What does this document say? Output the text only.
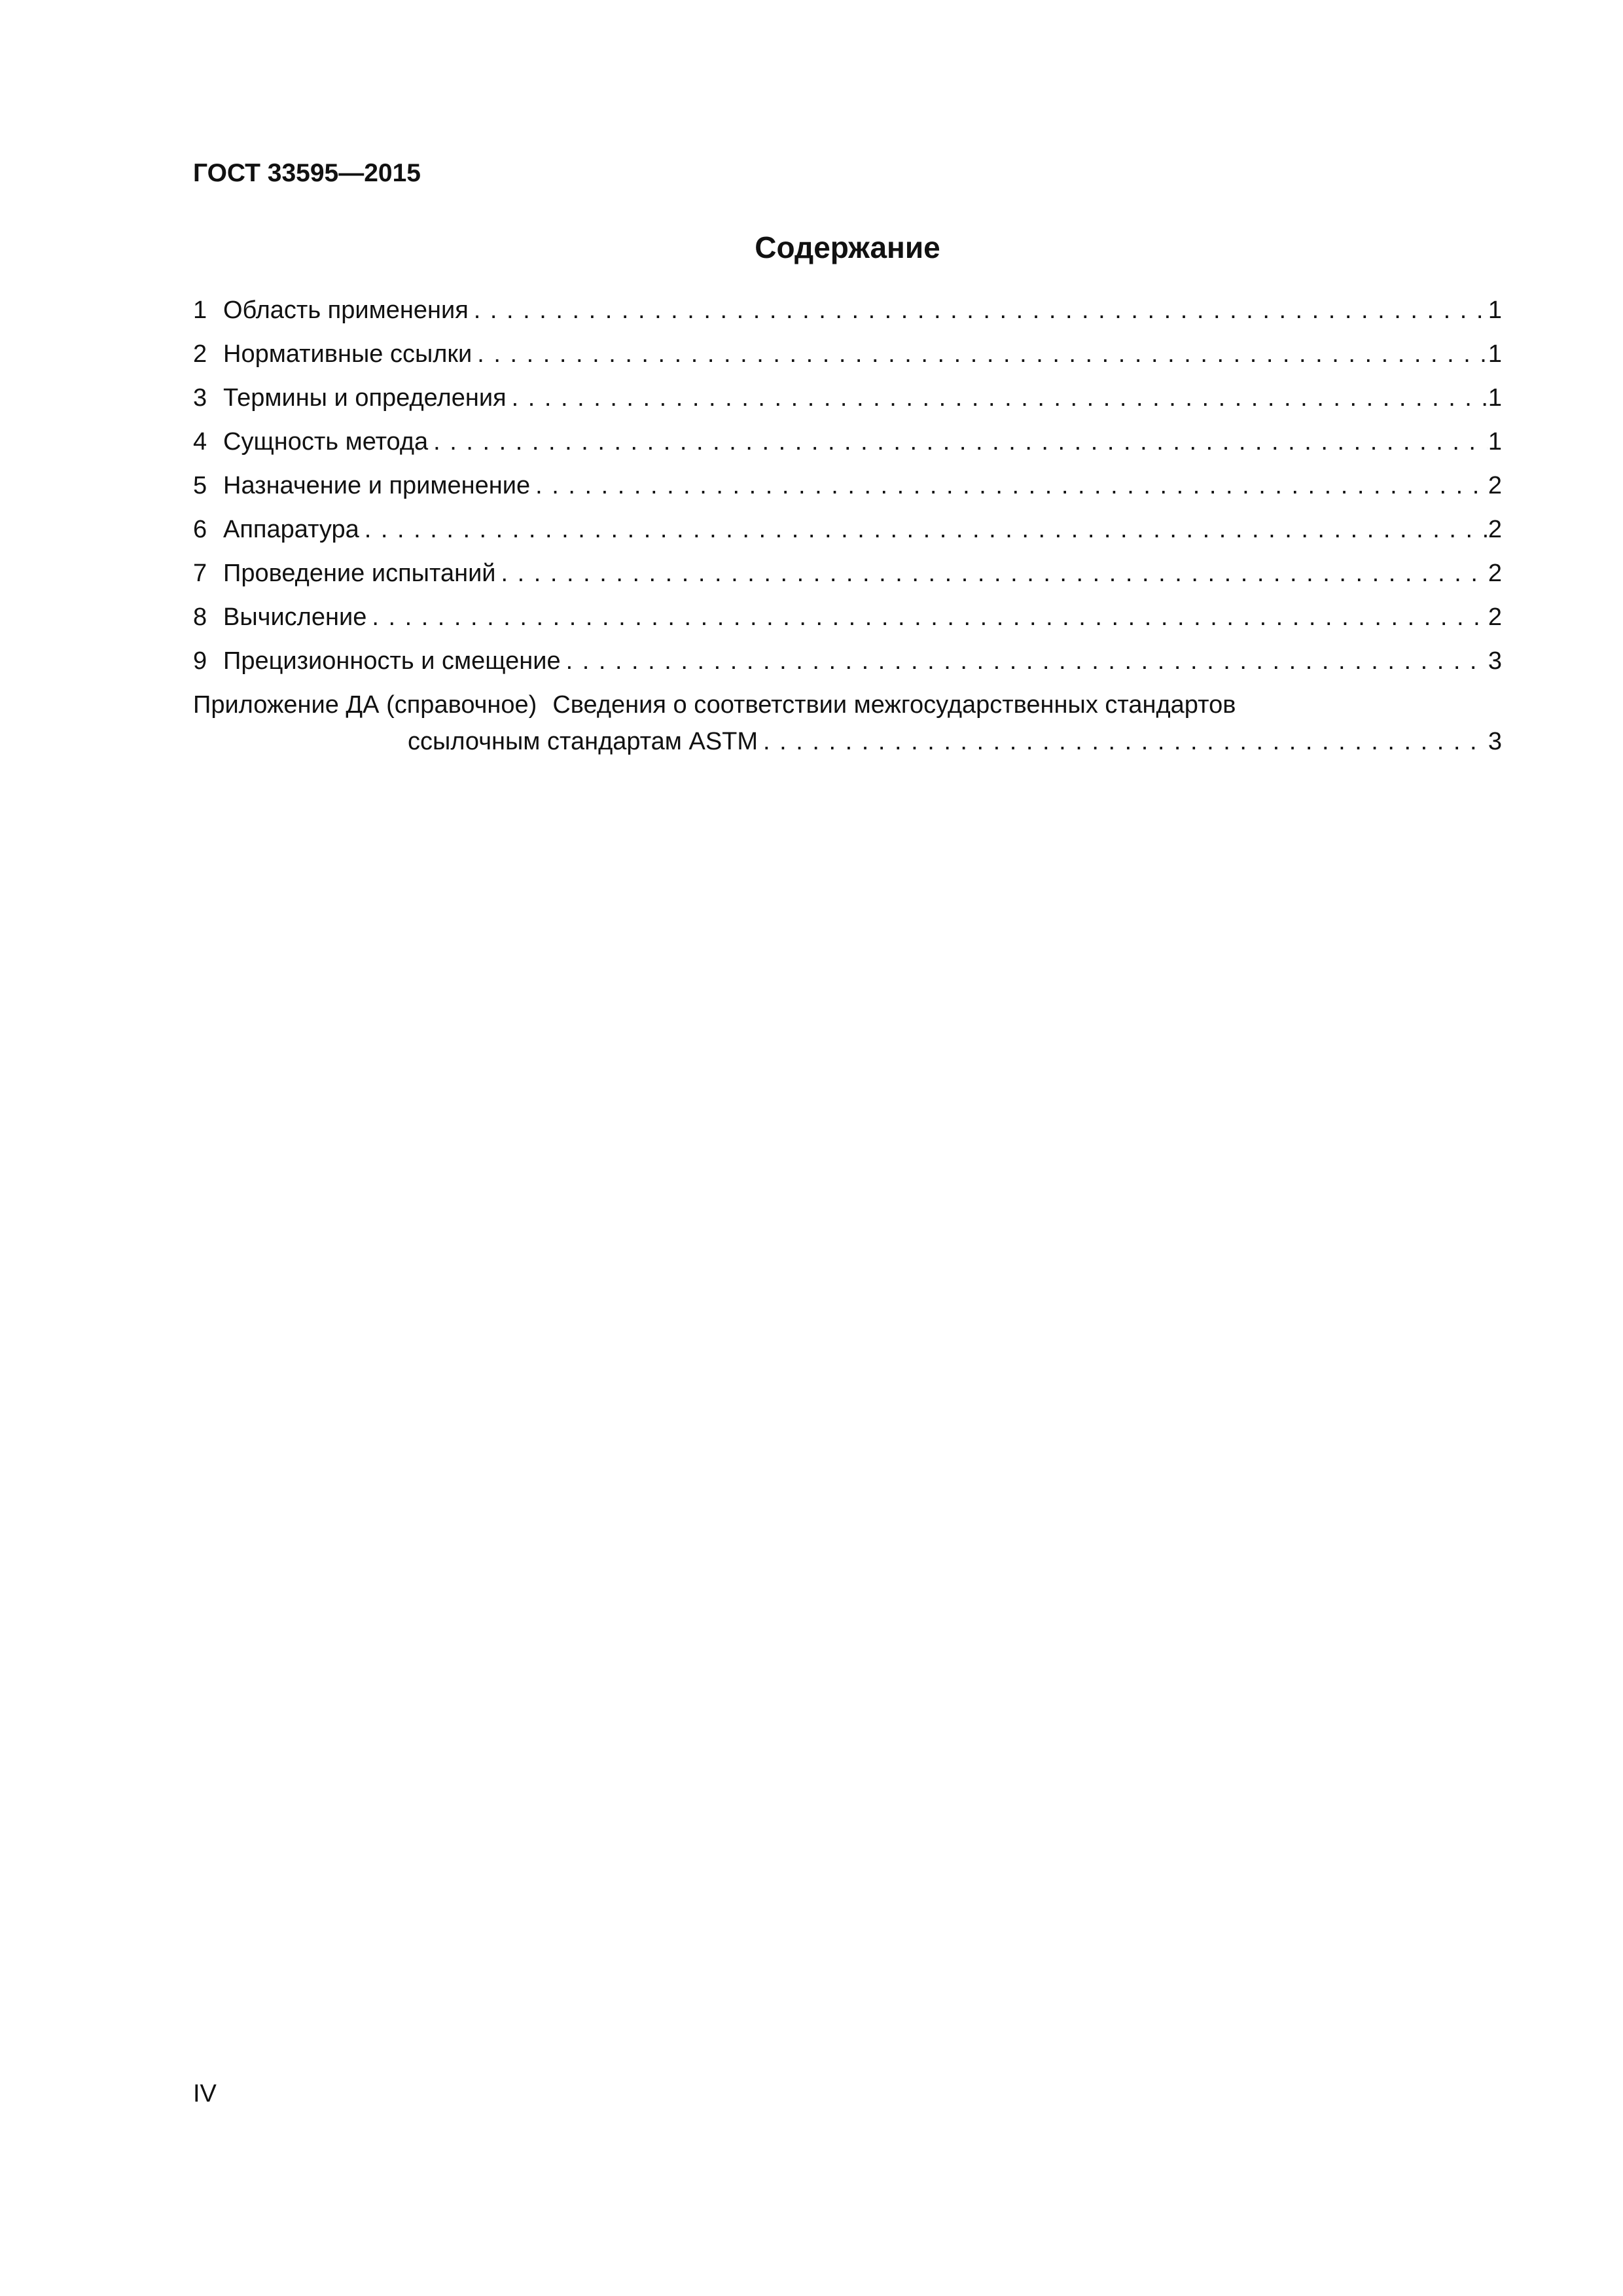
ГОСТ 33595—2015
Содержание
1 Область применения . . .	1
2 Нормативные ссылки . . .	1
3 Термины и определения . . .	1
4 Сущность метода . . .	1
5 Назначение и применение . . .	2
6 Аппаратура . . .	2
7 Проведение испытаний . . .	2
8 Вычисление . . .	2
9 Прецизионность и смещение . . .	3
Приложение ДА (справочное) Сведения о соответствии межгосударственных стандартов
ссылочным стандартам ASTM . . .	3
IV
